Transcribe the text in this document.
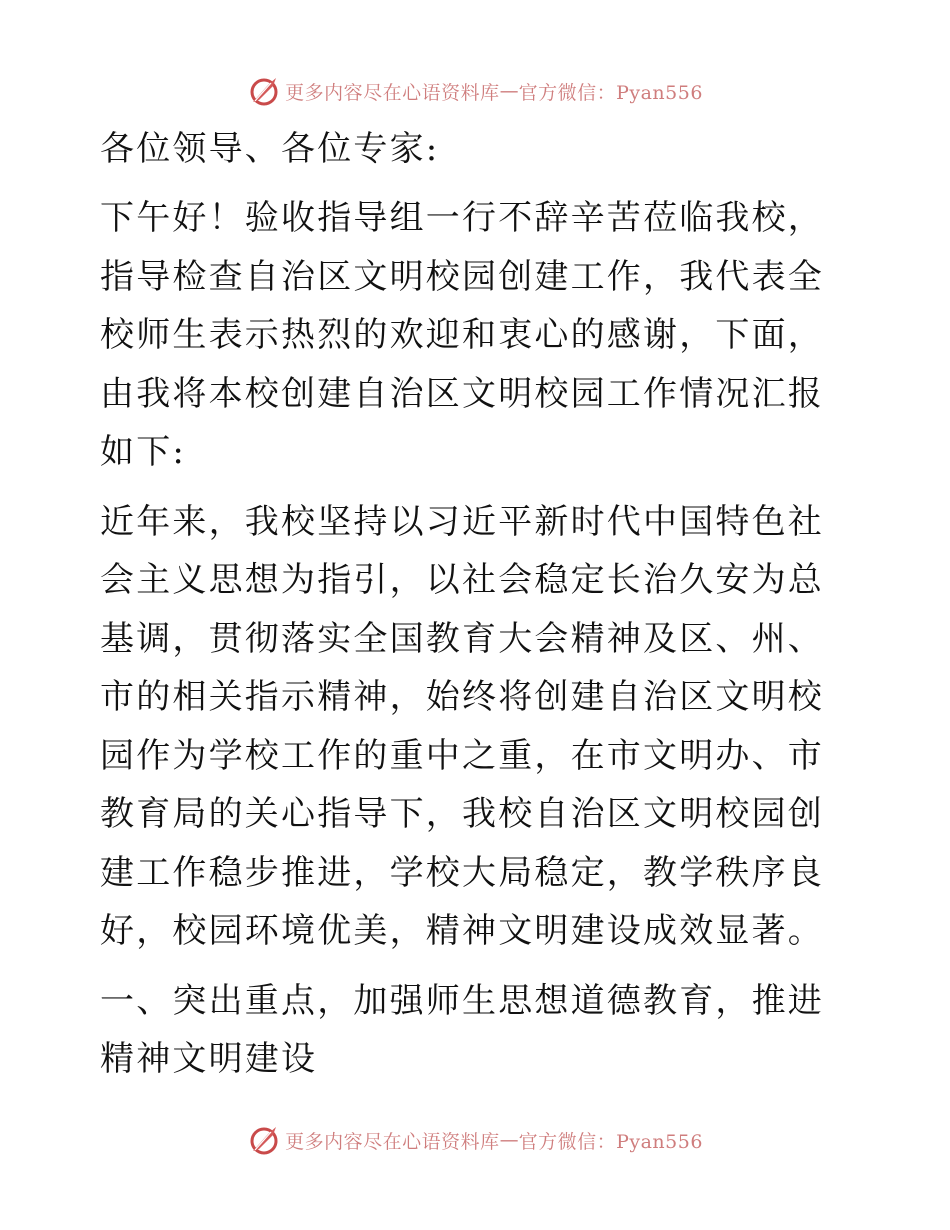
更多内容尽在心语资料库 — 官方微信：Pyan556

各位领导、各位专家:

下午好！验收指导组一行不辞辛苦莅临我校，指导检查自治区文明校园创建工作，我代表全校师生表示热烈的欢迎和衷心的感谢，下面，由我将本校创建自治区文明校园工作情况汇报如下:

近年来，我校坚持以习近平新时代中国特色社会主义思想为指引，以社会稳定长治久安为总基调，贯彻落实全国教育大会精神及区、州、市的相关指示精神，始终将创建自治区文明校园作为学校工作的重中之重，在市文明办、市教育局的关心指导下，我校自治区文明校园创建工作稳步推进，学校大局稳定，教学秩序良好，校园环境优美，精神文明建设成效显著。

一、突出重点，加强师生思想道德教育，推进精神文明建设

更多内容尽在心语资料库 — 官方微信：Pyan556
